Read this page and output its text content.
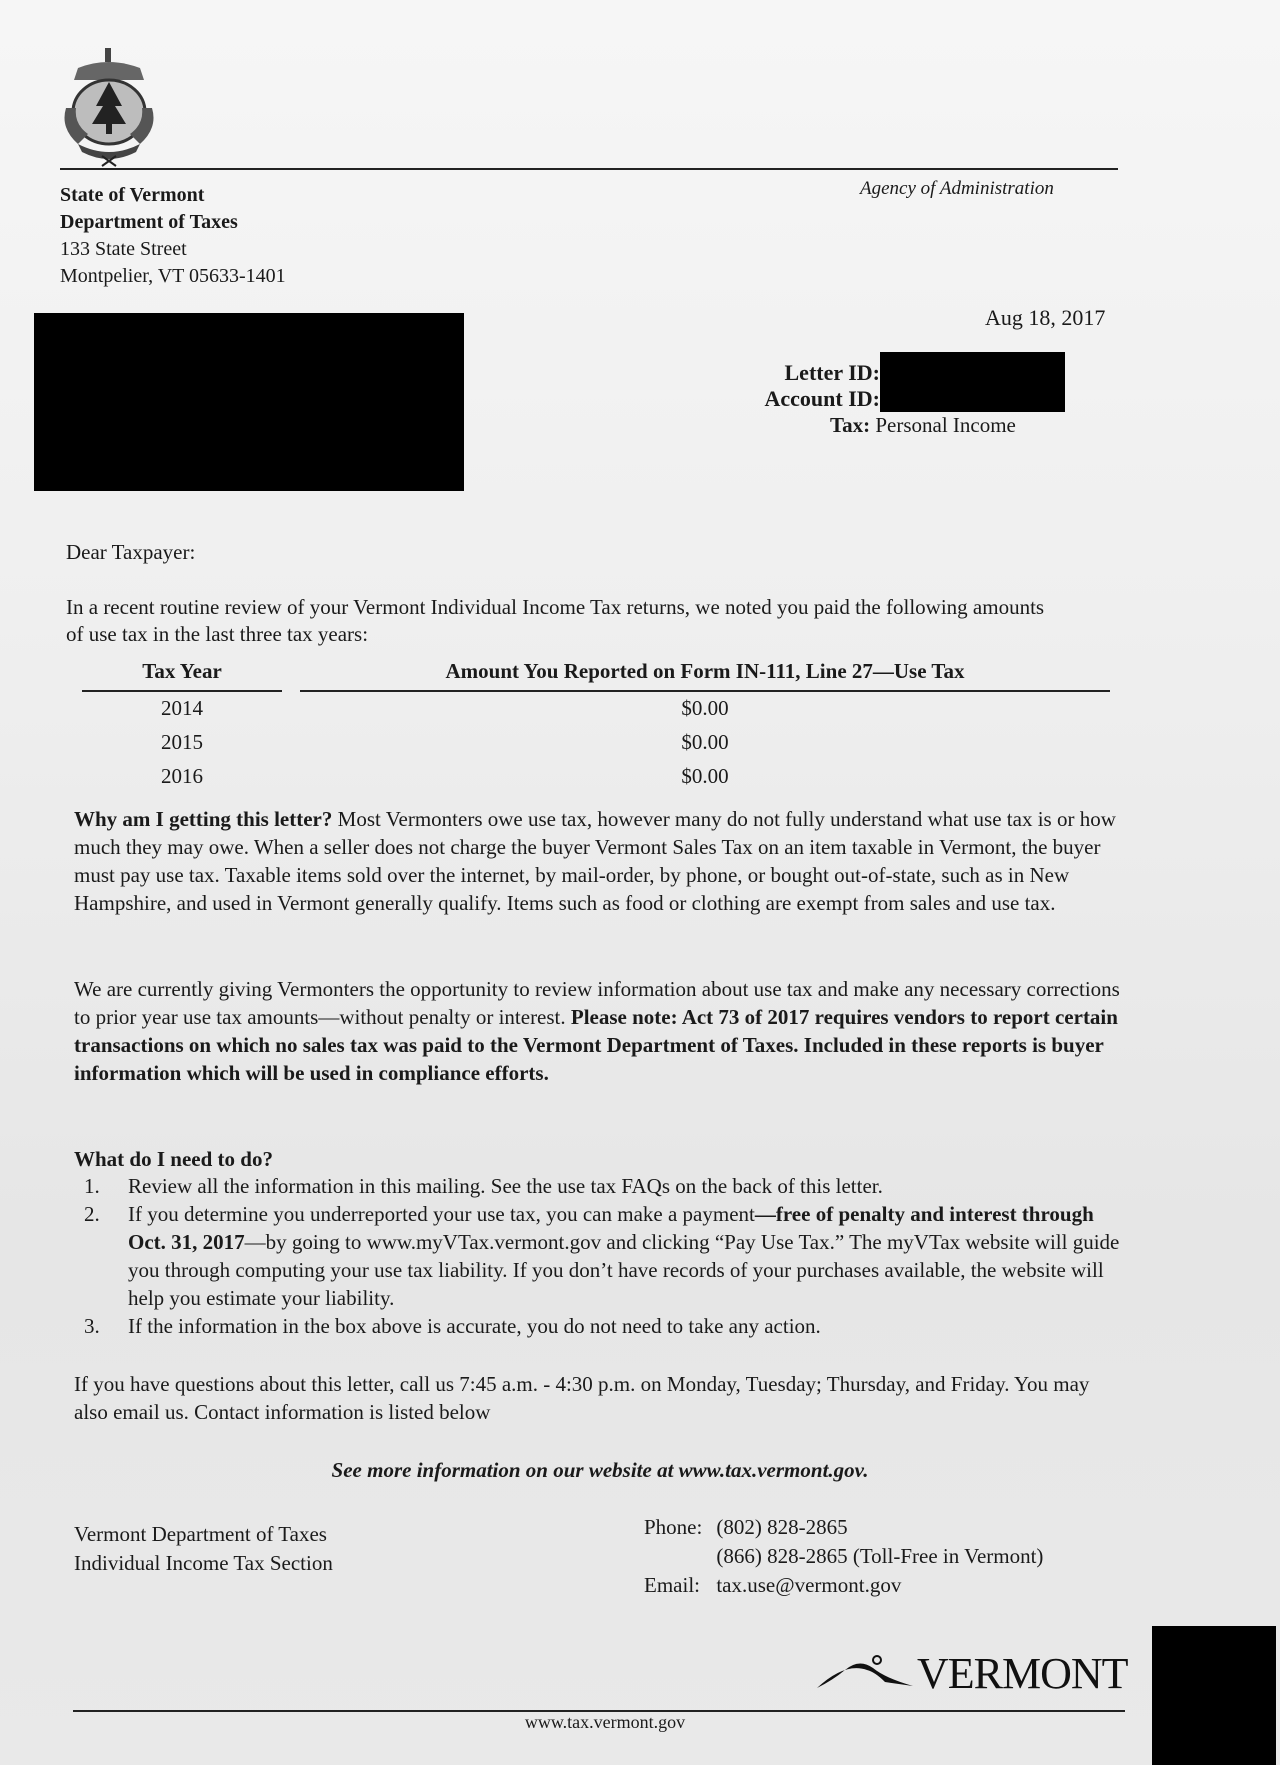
State of Vermont
Department of Taxes
133 State Street
Montpelier, VT 05633-1401
Agency of Administration
Aug 18, 2017
Letter ID:
Account ID:
Tax: Personal Income
Dear Taxpayer:
In a recent routine review of your Vermont Individual Income Tax returns, we noted you paid the following amounts of use tax in the last three tax years:
Tax Year		Amount You Reported on Form IN-111, Line 27—Use Tax
2014		$0.00
2015		$0.00
2016		$0.00
Why am I getting this letter? Most Vermonters owe use tax, however many do not fully understand what use tax is or how much they may owe. When a seller does not charge the buyer Vermont Sales Tax on an item taxable in Vermont, the buyer must pay use tax. Taxable items sold over the internet, by mail-order, by phone, or bought out-of-state, such as in New Hampshire, and used in Vermont generally qualify. Items such as food or clothing are exempt from sales and use tax.
We are currently giving Vermonters the opportunity to review information about use tax and make any necessary corrections to prior year use tax amounts—without penalty or interest. Please note: Act 73 of 2017 requires vendors to report certain transactions on which no sales tax was paid to the Vermont Department of Taxes. Included in these reports is buyer information which will be used in compliance efforts.
What do I need to do?
1. Review all the information in this mailing. See the use tax FAQs on the back of this letter.
2. If you determine you underreported your use tax, you can make a payment—free of penalty and interest through Oct. 31, 2017—by going to www.myVTax.vermont.gov and clicking “Pay Use Tax.” The myVTax website will guide you through computing your use tax liability. If you don’t have records of your purchases available, the website will help you estimate your liability.
3. If the information in the box above is accurate, you do not need to take any action.
If you have questions about this letter, call us 7:45 a.m. - 4:30 p.m. on Monday, Tuesday; Thursday, and Friday. You may also email us. Contact information is listed below
See more information on our website at www.tax.vermont.gov.
Vermont Department of Taxes
Individual Income Tax Section
Phone:	(802) 828-2865
	(866) 828-2865 (Toll-Free in Vermont)
Email:	tax.use@vermont.gov
VERMONT
www.tax.vermont.gov
